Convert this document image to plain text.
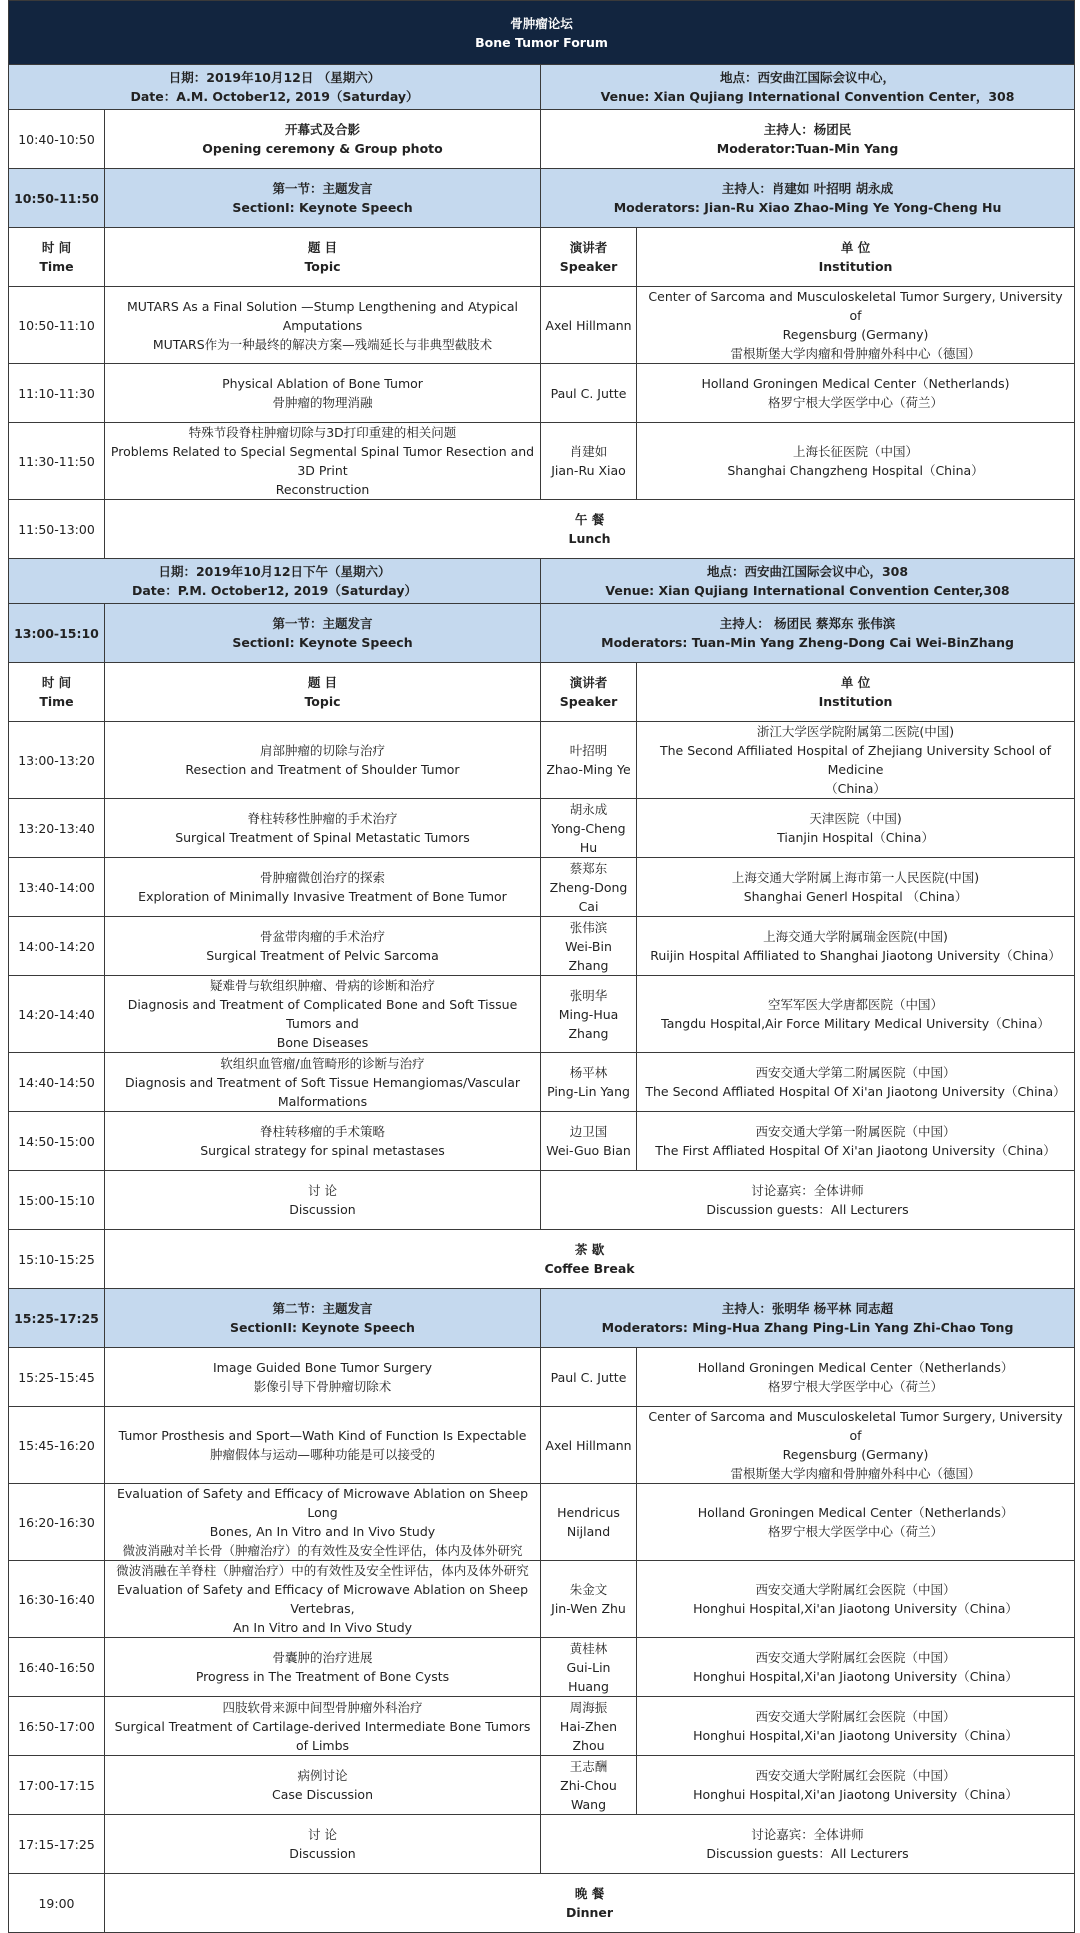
骨肿瘤论坛
Bone Tumor Forum			

日期：2019年10月12日 （星期六）
Date：A.M. October12, 2019（Saturday）		地点：西安曲江国际会议中心，
Venue: Xian Qujiang International Convention Center，308	

10:40-10:50	开幕式及合影
Opening ceremony & Group photo	主持人：杨团民
Moderator:Tuan-Min Yang	

10:50-11:50	第一节：主题发言
SectionI: Keynote Speech	主持人：肖建如 叶招明 胡永成
Moderators: Jian-Ru Xiao Zhao-Ming Ye Yong-Cheng Hu	

时 间
Time	题 目
Topic	演讲者
Speaker	单 位
Institution

10:50-11:10	MUTARS As a Final Solution —Stump Lengthening and Atypical Amputations
MUTARS作为一种最终的解决方案—残端延长与非典型截肢术	Axel Hillmann	Center of Sarcoma and Musculoskeletal Tumor Surgery, University of
Regensburg (Germany)
雷根斯堡大学肉瘤和骨肿瘤外科中心（德国）

11:10-11:30	Physical Ablation of Bone Tumor
骨肿瘤的物理消融	Paul C. Jutte	Holland Groningen Medical Center（Netherlands)
格罗宁根大学医学中心（荷兰）

11:30-11:50	特殊节段脊柱肿瘤切除与3D打印重建的相关问题
Problems Related to Special Segmental Spinal Tumor Resection and 3D Print
Reconstruction	肖建如
Jian-Ru Xiao	上海长征医院（中国）
Shanghai Changzheng Hospital（China）

11:50-13:00	午 餐
Lunch		

日期：2019年10月12日下午（星期六）
Date：P.M. October12, 2019（Saturday）		地点：西安曲江国际会议中心，308
Venue: Xian Qujiang International Convention Center,308	

13:00-15:10	第一节：主题发言
SectionI: Keynote Speech	主持人： 杨团民 蔡郑东 张伟滨
Moderators: Tuan-Min Yang Zheng-Dong Cai Wei-BinZhang	

时 间
Time	题 目
Topic	演讲者
Speaker	单 位
Institution

13:00-13:20	肩部肿瘤的切除与治疗
Resection and Treatment of Shoulder Tumor	叶招明
Zhao-Ming Ye	浙江大学医学院附属第二医院(中国)
The Second Affiliated Hospital of Zhejiang University School of Medicine
（China）

13:20-13:40	脊柱转移性肿瘤的手术治疗
Surgical Treatment of Spinal Metastatic Tumors	胡永成
Yong-Cheng Hu	天津医院（中国)
Tianjin Hospital（China）

13:40-14:00	骨肿瘤微创治疗的探索
Exploration of Minimally Invasive Treatment of Bone Tumor	蔡郑东
Zheng-Dong Cai	上海交通大学附属上海市第一人民医院(中国)
Shanghai Generl Hospital （China）

14:00-14:20	骨盆带肉瘤的手术治疗
Surgical Treatment of Pelvic Sarcoma	张伟滨
Wei-Bin Zhang	上海交通大学附属瑞金医院(中国)
Ruijin Hospital Affiliated to Shanghai Jiaotong University（China）

14:20-14:40	疑难骨与软组织肿瘤、骨病的诊断和治疗
Diagnosis and Treatment of Complicated Bone and Soft Tissue Tumors and
Bone Diseases	张明华
Ming-Hua
Zhang	空军军医大学唐都医院（中国）
Tangdu Hospital,Air Force Military Medical University（China）

14:40-14:50	软组织血管瘤/血管畸形的诊断与治疗
Diagnosis and Treatment of Soft Tissue Hemangiomas/Vascular
Malformations	杨平林
Ping-Lin Yang	西安交通大学第二附属医院（中国）
The Second Affliated Hospital Of Xi'an Jiaotong University（China）

14:50-15:00	脊柱转移瘤的手术策略
Surgical strategy for spinal metastases	边卫国
Wei-Guo Bian	西安交通大学第一附属医院（中国）
The First Affliated Hospital Of Xi'an Jiaotong University（China）

15:00-15:10	讨 论
Discussion	讨论嘉宾：全体讲师
Discussion guests：All Lecturers	

15:10-15:25	茶 歇
Coffee Break		

15:25-17:25	第二节：主题发言
SectionII: Keynote Speech	主持人：张明华 杨平林 同志超
Moderators: Ming-Hua Zhang Ping-Lin Yang Zhi-Chao Tong	

15:25-15:45	Image Guided Bone Tumor Surgery
影像引导下骨肿瘤切除术	Paul C. Jutte	Holland Groningen Medical Center（Netherlands）
格罗宁根大学医学中心（荷兰）

15:45-16:20	Tumor Prosthesis and Sport—Wath Kind of Function Is Expectable
肿瘤假体与运动—哪种功能是可以接受的	Axel Hillmann	Center of Sarcoma and Musculoskeletal Tumor Surgery, University of
Regensburg (Germany)
雷根斯堡大学肉瘤和骨肿瘤外科中心（德国）

16:20-16:30	Evaluation of Safety and Efficacy of Microwave Ablation on Sheep Long
Bones, An In Vitro and In Vivo Study
微波消融对羊长骨（肿瘤治疗）的有效性及安全性评估，体内及体外研究	Hendricus
Nijland	Holland Groningen Medical Center（Netherlands）
格罗宁根大学医学中心（荷兰）

16:30-16:40	微波消融在羊脊柱（肿瘤治疗）中的有效性及安全性评估，体内及体外研究
Evaluation of Safety and Efficacy of Microwave Ablation on Sheep Vertebras,
An In Vitro and In Vivo Study	朱金文
Jin-Wen Zhu	西安交通大学附属红会医院（中国）
Honghui Hospital,Xi'an Jiaotong University（China）

16:40-16:50	骨囊肿的治疗进展
Progress in The Treatment of Bone Cysts	黄桂林
Gui-Lin Huang	西安交通大学附属红会医院（中国）
Honghui Hospital,Xi'an Jiaotong University（China）

16:50-17:00	四肢软骨来源中间型骨肿瘤外科治疗
Surgical Treatment of Cartilage-derived Intermediate Bone Tumors of Limbs	周海振
Hai-Zhen Zhou	西安交通大学附属红会医院（中国）
Honghui Hospital,Xi'an Jiaotong University（China）

17:00-17:15	病例讨论
Case Discussion	王志酬
Zhi-Chou Wang	西安交通大学附属红会医院（中国）
Honghui Hospital,Xi'an Jiaotong University（China）

17:15-17:25	讨 论
Discussion	讨论嘉宾：全体讲师
Discussion guests：All Lecturers	

19:00	晚 餐
Dinner		
